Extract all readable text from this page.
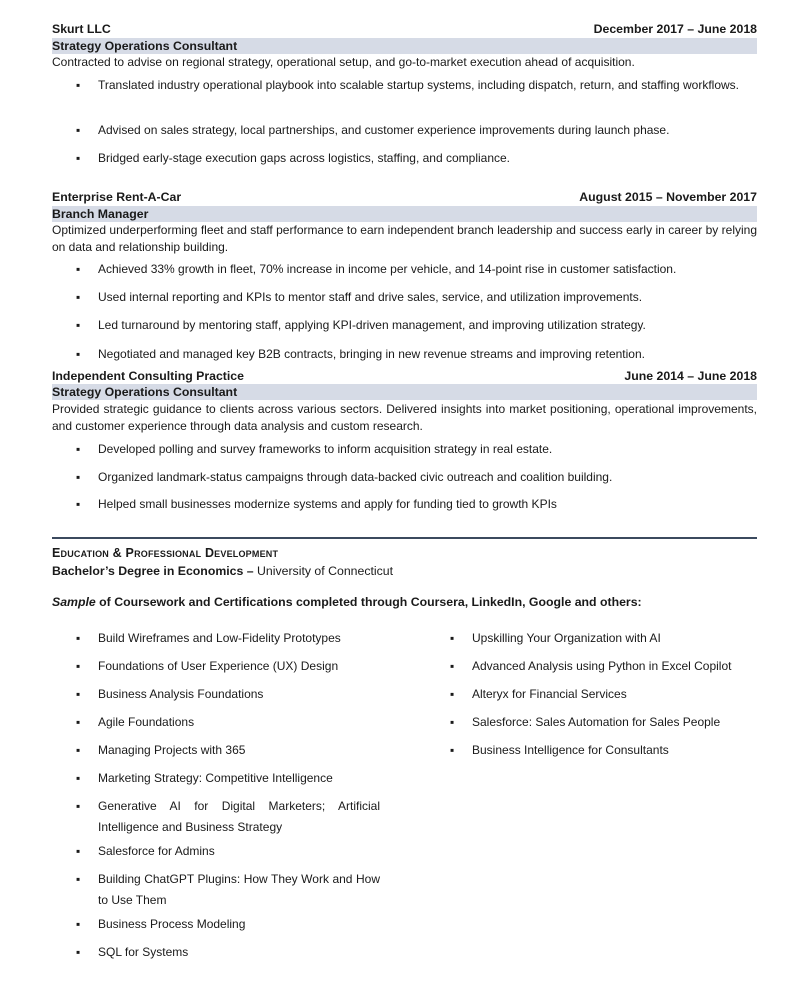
Skurt LLC	December 2017 – June 2018
Strategy Operations Consultant
Contracted to advise on regional strategy, operational setup, and go-to-market execution ahead of acquisition.
▪	Translated industry operational playbook into scalable startup systems, including dispatch, return, and staffing workflows.
▪	Advised on sales strategy, local partnerships, and customer experience improvements during launch phase.
▪	Bridged early-stage execution gaps across logistics, staffing, and compliance.
Enterprise Rent-A-Car	August 2015 – November 2017
Branch Manager
Optimized underperforming fleet and staff performance to earn independent branch leadership and success early in career by relying on data and relationship building.
▪	Achieved 33% growth in fleet, 70% increase in income per vehicle, and 14-point rise in customer satisfaction.
▪	Used internal reporting and KPIs to mentor staff and drive sales, service, and utilization improvements.
▪	Led turnaround by mentoring staff, applying KPI-driven management, and improving utilization strategy.
▪	Negotiated and managed key B2B contracts, bringing in new revenue streams and improving retention.
Independent Consulting Practice	June 2014 – June 2018
Strategy Operations Consultant
Provided strategic guidance to clients across various sectors. Delivered insights into market positioning, operational improvements, and customer experience through data analysis and custom research.
▪	Developed polling and survey frameworks to inform acquisition strategy in real estate.
▪	Organized landmark-status campaigns through data-backed civic outreach and coalition building.
▪	Helped small businesses modernize systems and apply for funding tied to growth KPIs
Education & Professional Development
Bachelor’s Degree in Economics – University of Connecticut
Sample of Coursework and Certifications completed through Coursera, LinkedIn, Google and others:
▪ Build Wireframes and Low-Fidelity Prototypes
▪ Foundations of User Experience (UX) Design
▪ Business Analysis Foundations
▪ Agile Foundations
▪ Managing Projects with 365
▪ Marketing Strategy: Competitive Intelligence
▪ Generative AI for Digital Marketers; Artificial Intelligence and Business Strategy
▪ Salesforce for Admins
▪ Building ChatGPT Plugins: How They Work and How to Use Them
▪ Business Process Modeling
▪ SQL for Systems
▪ Upskilling Your Organization with AI
▪ Advanced Analysis using Python in Excel Copilot
▪ Alteryx for Financial Services
▪ Salesforce: Sales Automation for Sales People
▪ Business Intelligence for Consultants
